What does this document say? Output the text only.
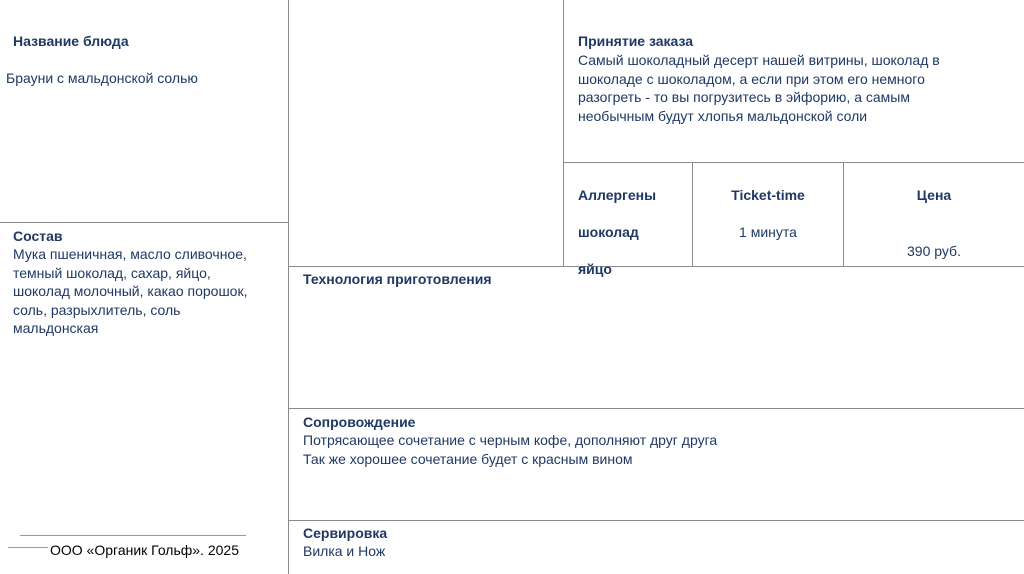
Название блюда
Брауни с мальдонской солью
Принятие заказа
Самый шоколадный десерт нашей витрины, шоколад в
шоколаде с шоколадом, а если при этом его немного
разогреть - то вы погрузитесь в эйфорию, а самым
необычным будут хлопья мальдонской соли

Аллергены

шоколад

яйцо

Ticket-time

1 минута

Цена

390 руб.

Состав
Мука пшеничная, масло сливочное,
темный шоколад, сахар, яйцо,
шоколад молочный, какао порошок,
соль, разрыхлитель, соль
мальдонская
Технология приготовления
Сопровождение
Потрясающее сочетание с черным кофе, дополняют друг друга
Так же хорошее сочетание будет с красным вином
Сервировка
Вилка и Нож
ООО «Органик Гольф». 2025
